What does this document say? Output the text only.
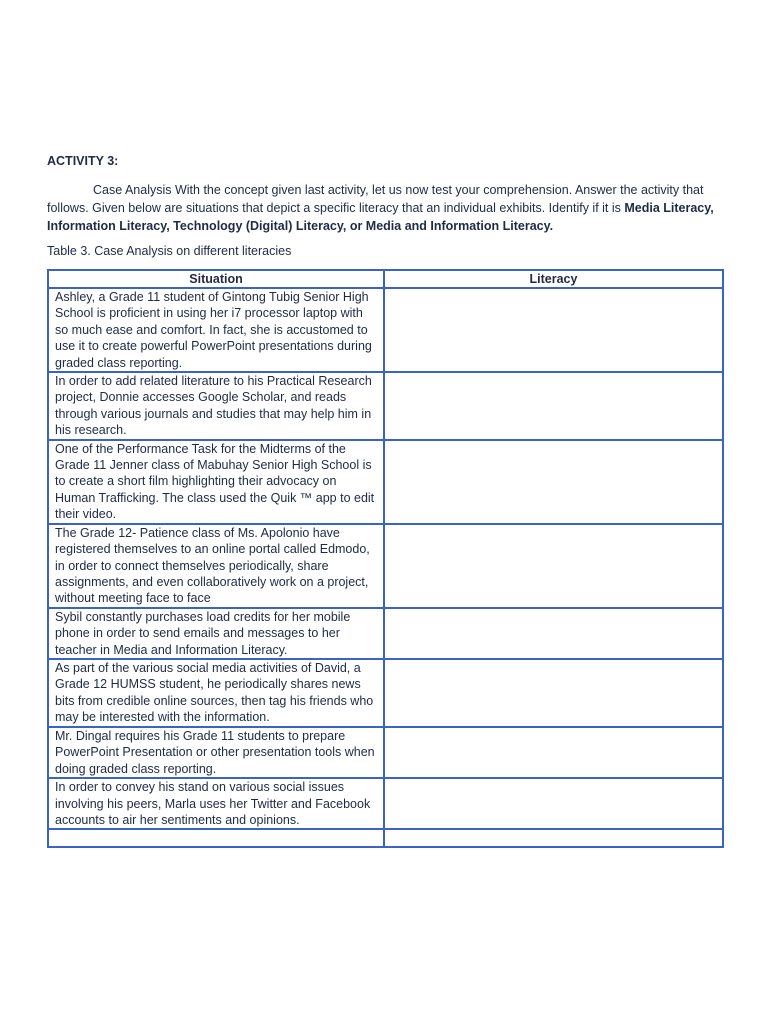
ACTIVITY 3:

Case Analysis With the concept given last activity, let us now test your comprehension. Answer the activity that follows. Given below are situations that depict a specific literacy that an individual exhibits. Identify if it is Media Literacy, Information Literacy, Technology (Digital) Literacy, or Media and Information Literacy.

Table 3. Case Analysis on different literacies

Situation	Literacy
Ashley, a Grade 11 student of Gintong Tubig Senior High School is proficient in using her i7 processor laptop with so much ease and comfort. In fact, she is accustomed to use it to create powerful PowerPoint presentations during graded class reporting.	
In order to add related literature to his Practical Research project, Donnie accesses Google Scholar, and reads through various journals and studies that may help him in his research.	
One of the Performance Task for the Midterms of the Grade 11 Jenner class of Mabuhay Senior High School is to create a short film highlighting their advocacy on Human Trafficking. The class used the Quik ™ app to edit their video.	
The Grade 12- Patience class of Ms. Apolonio have registered themselves to an online portal called Edmodo, in order to connect themselves periodically, share assignments, and even collaboratively work on a project, without meeting face to face	
Sybil constantly purchases load credits for her mobile phone in order to send emails and messages to her teacher in Media and Information Literacy.	
As part of the various social media activities of David, a Grade 12 HUMSS student, he periodically shares news bits from credible online sources, then tag his friends who may be interested with the information.	
Mr. Dingal requires his Grade 11 students to prepare PowerPoint Presentation or other presentation tools when doing graded class reporting.	
In order to convey his stand on various social issues involving his peers, Marla uses her Twitter and Facebook accounts to air her sentiments and opinions.	
